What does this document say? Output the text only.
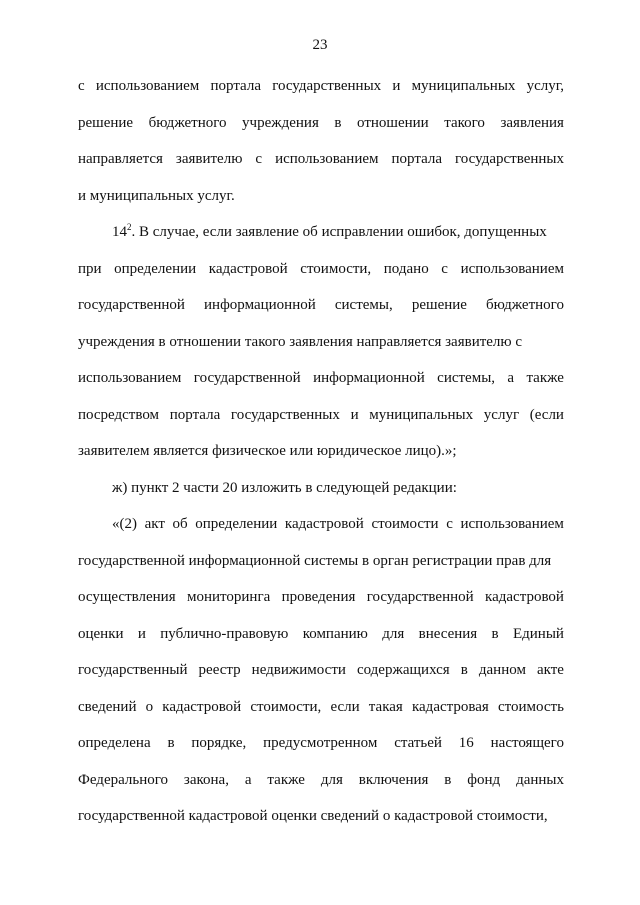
23
с использованием портала государственных и муниципальных услуг,
решение бюджетного учреждения в отношении такого заявления
направляется заявителю с использованием портала государственных
и муниципальных услуг.
$14^2$. В случае, если заявление об исправлении ошибок, допущенных
при определении кадастровой стоимости, подано с использованием
государственной информационной системы, решение бюджетного
учреждения в отношении такого заявления направляется заявителю с
использованием государственной информационной системы, а также
посредством портала государственных и муниципальных услуг (если
заявителем является физическое или юридическое лицо).»;
ж) пункт 2 части 20 изложить в следующей редакции:
«(2) акт об определении кадастровой стоимости с использованием
государственной информационной системы в орган регистрации прав для
осуществления мониторинга проведения государственной кадастровой
оценки и публично-правовую компанию для внесения в Единый
государственный реестр недвижимости содержащихся в данном акте
сведений о кадастровой стоимости, если такая кадастровая стоимость
определена в порядке, предусмотренном статьей 16 настоящего
Федерального закона, а также для включения в фонд данных
государственной кадастровой оценки сведений о кадастровой стоимости,
